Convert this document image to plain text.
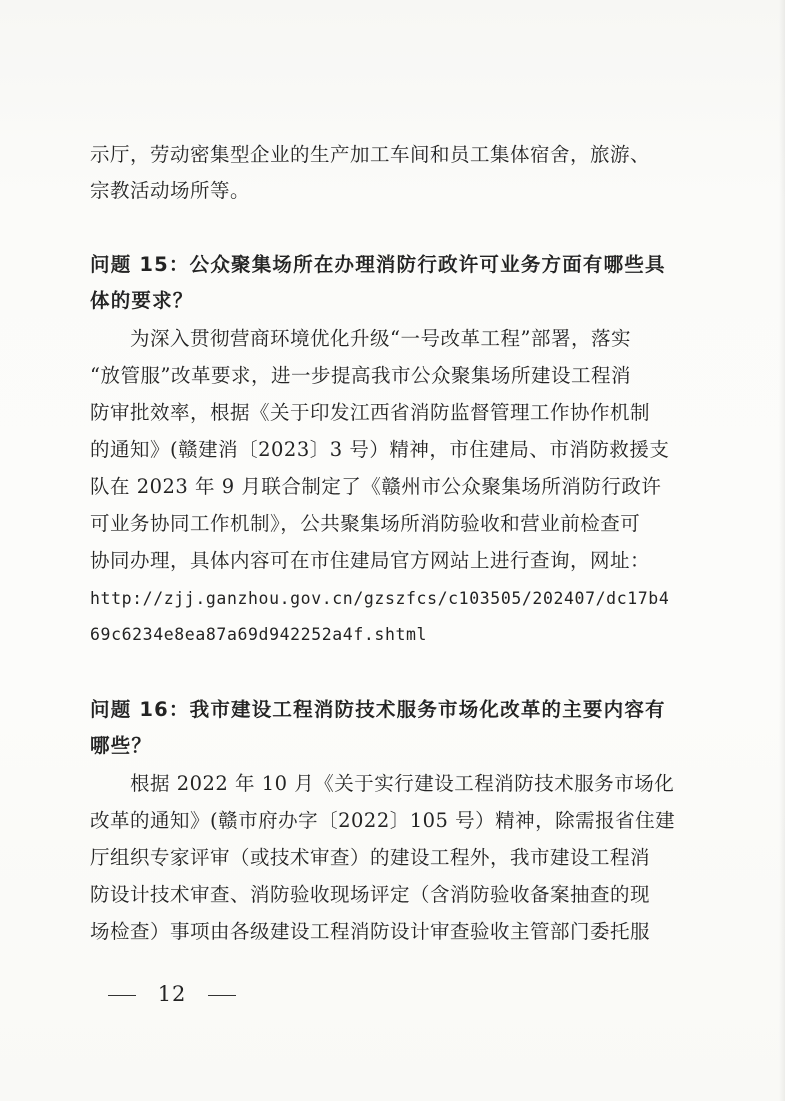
示厅，劳动密集型企业的生产加工车间和员工集体宿舍，旅游、
宗教活动场所等。
问题 15：公众聚集场所在办理消防行政许可业务方面有哪些具
体的要求？
为深入贯彻营商环境优化升级“一号改革工程”部署，落实
“放管服”改革要求，进一步提高我市公众聚集场所建设工程消
防审批效率，根据《关于印发江西省消防监督管理工作协作机制
的通知》(赣建消〔2023〕3 号）精神，市住建局、市消防救援支
队在 2023 年 9 月联合制定了《赣州市公众聚集场所消防行政许
可业务协同工作机制》，公共聚集场所消防验收和营业前检查可
协同办理，具体内容可在市住建局官方网站上进行查询，网址：
http://zjj.ganzhou.gov.cn/gzszfcs/c103505/202407/dc17b4
69c6234e8ea87a69d942252a4f.shtml
问题 16：我市建设工程消防技术服务市场化改革的主要内容有
哪些？
根据 2022 年 10 月《关于实行建设工程消防技术服务市场化
改革的通知》(赣市府办字〔2022〕105 号）精神，除需报省住建
厅组织专家评审（或技术审查）的建设工程外，我市建设工程消
防设计技术审查、消防验收现场评定（含消防验收备案抽查的现
场检查）事项由各级建设工程消防设计审查验收主管部门委托服
12
